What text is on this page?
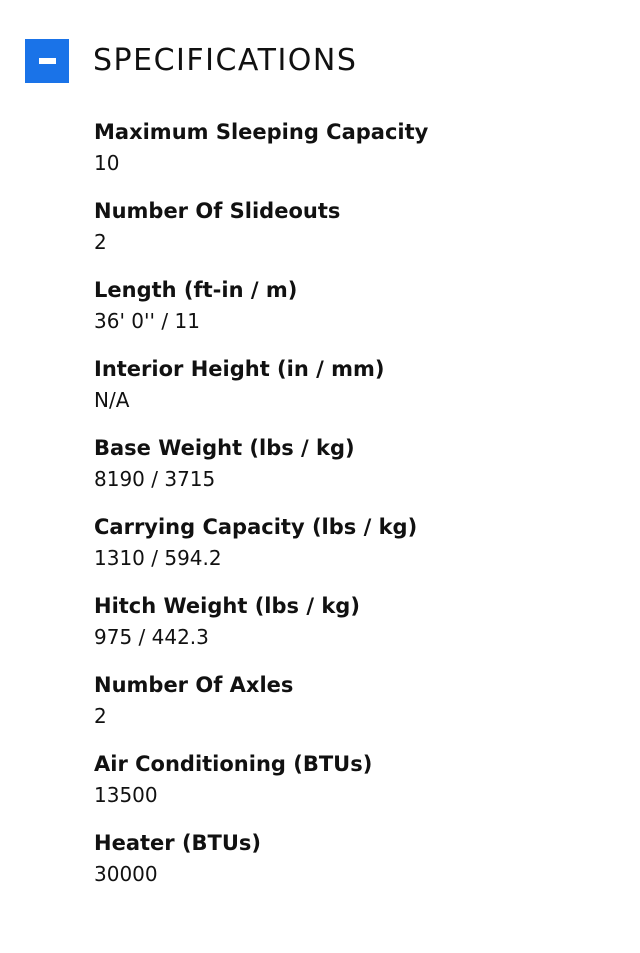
SPECIFICATIONS
Maximum Sleeping Capacity
10
Number Of Slideouts
2
Length (ft-in / m)
36' 0'' / 11
Interior Height (in / mm)
N/A
Base Weight (lbs / kg)
8190 / 3715
Carrying Capacity (lbs / kg)
1310 / 594.2
Hitch Weight (lbs / kg)
975 / 442.3
Number Of Axles
2
Air Conditioning (BTUs)
13500
Heater (BTUs)
30000
